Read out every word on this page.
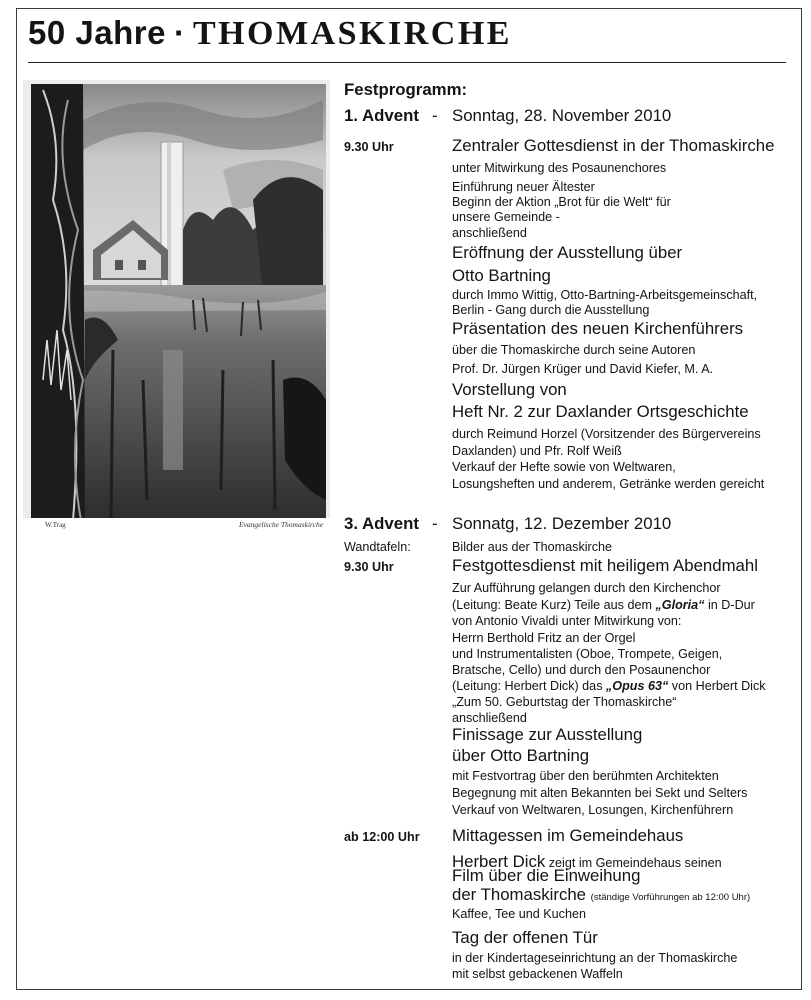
50 Jahre · THOMASKIRCHE
W.Trag	Evangelische Thomaskirche
Festprogramm:
1. Advent - Sonntag, 28. November 2010
9.30 Uhr	Zentraler Gottesdienst in der Thomaskirche
unter Mitwirkung des Posaunenchores
Einführung neuer Ältester
Beginn der Aktion „Brot für die Welt“ für
unsere Gemeinde -
anschließend
Eröffnung der Ausstellung über
Otto Bartning
durch Immo Wittig, Otto-Bartning-Arbeitsgemeinschaft,
Berlin - Gang durch die Ausstellung
Präsentation des neuen Kirchenführers
über die Thomaskirche durch seine Autoren
Prof. Dr. Jürgen Krüger und David Kiefer, M. A.
Vorstellung von
Heft Nr. 2 zur Daxlander Ortsgeschichte
durch Reimund Horzel (Vorsitzender des Bürgervereins
Daxlanden) und Pfr. Rolf Weiß
Verkauf der Hefte sowie von Weltwaren,
Losungsheften und anderem, Getränke werden gereicht
3. Advent - Sonnatg, 12. Dezember 2010
Wandtafeln:	Bilder aus der Thomaskirche
9.30 Uhr	Festgottesdienst mit heiligem Abendmahl
Zur Aufführung gelangen durch den Kirchenchor
(Leitung: Beate Kurz) Teile aus dem „Gloria“ in D-Dur
von Antonio Vivaldi unter Mitwirkung von:
Herrn Berthold Fritz an der Orgel
und Instrumentalisten (Oboe, Trompete, Geigen,
Bratsche, Cello) und durch den Posaunenchor
(Leitung: Herbert Dick) das „Opus 63“ von Herbert Dick
„Zum 50. Geburtstag der Thomaskirche“
anschließend
Finissage zur Ausstellung
über Otto Bartning
mit Festvortrag über den berühmten Architekten
Begegnung mit alten Bekannten bei Sekt und Selters
Verkauf von Weltwaren, Losungen, Kirchenführern
ab 12:00 Uhr Mittagessen im Gemeindehaus
Herbert Dick zeigt im Gemeindehaus seinen
Film über die Einweihung
der Thomaskirche (ständige Vorführungen ab 12:00 Uhr)
Kaffee, Tee und Kuchen
Tag der offenen Tür
in der Kindertageseinrichtung an der Thomaskirche
mit selbst gebackenen Waffeln
